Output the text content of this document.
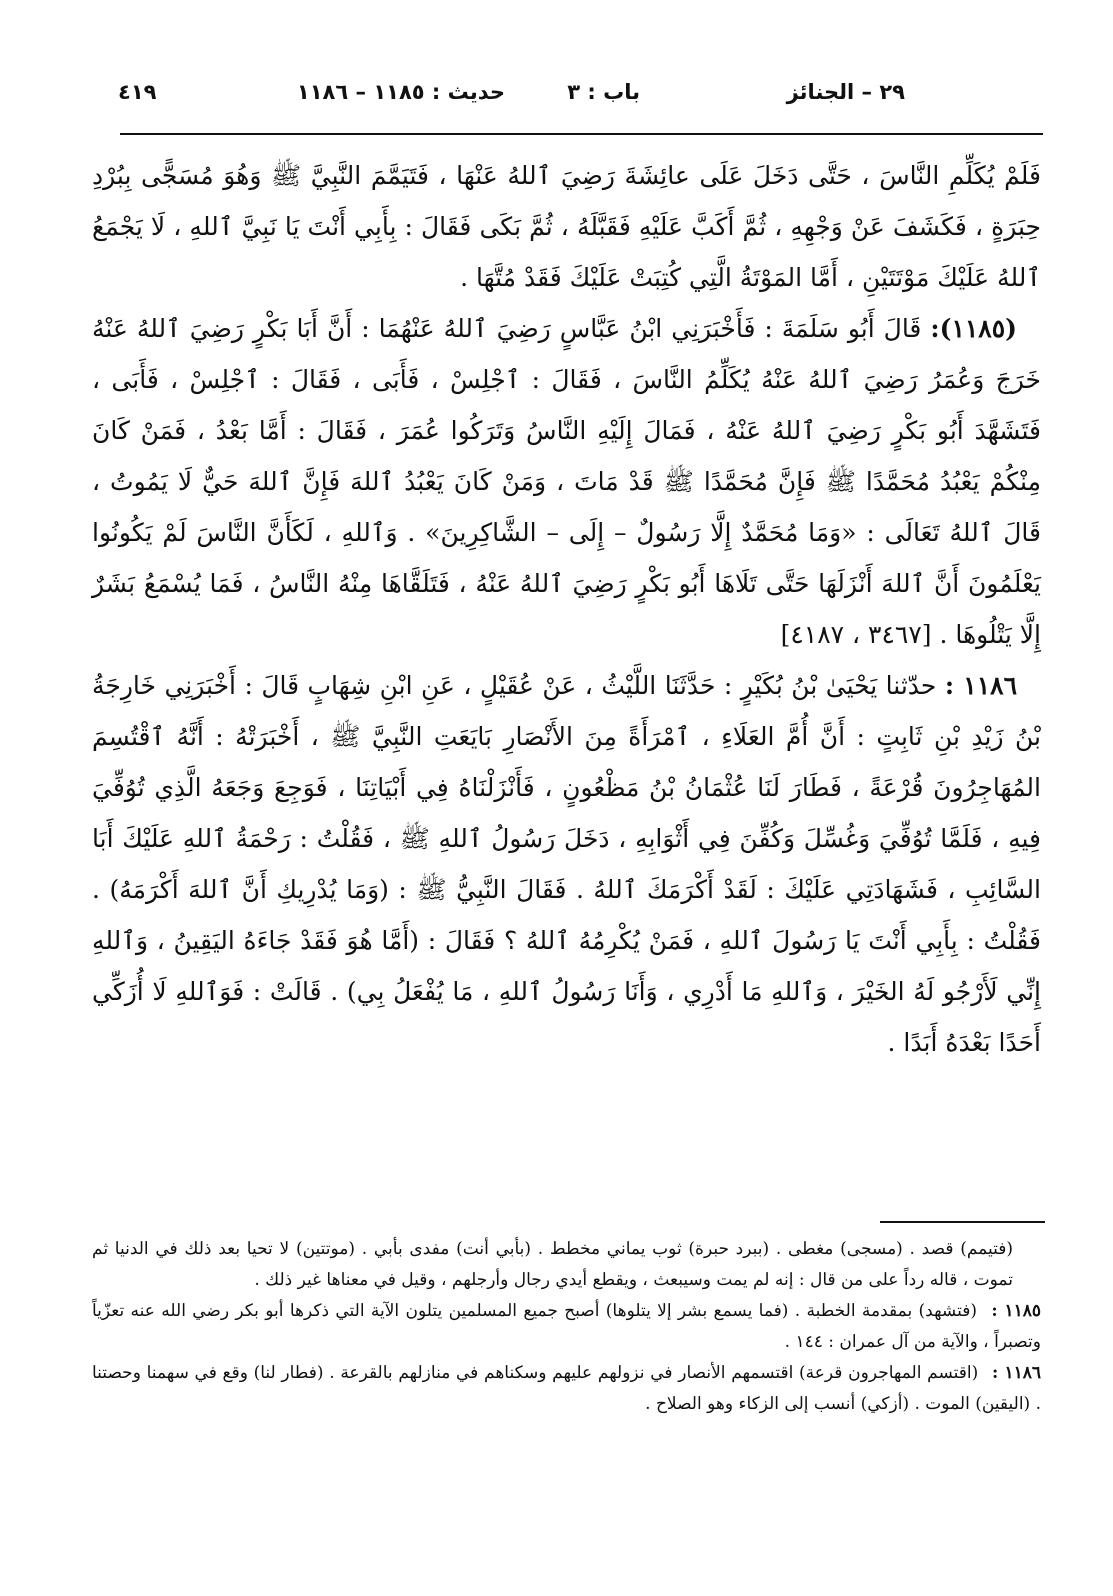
٢٩ – الجنائز
باب : ٣
حديث : ١١٨٥ – ١١٨٦
٤١٩

فَلَمْ يُكَلِّمِ النَّاسَ ، حَتَّى دَخَلَ عَلَى عائِشَةَ رَضِيَ ٱللهُ عَنْهَا ، فَتَيَمَّمَ النَّبِيَّ ﷺ وَهُوَ مُسَجًّى بِبُرْدِ حِبَرَةٍ ، فَكَشَفَ عَنْ وَجْهِهِ ، ثُمَّ أَكَبَّ عَلَيْهِ فَقَبَّلَهُ ، ثُمَّ بَكَى فَقَالَ : بِأَبِي أَنْتَ يَا نَبِيَّ ٱللهِ ، لَا يَجْمَعُ ٱللهُ عَلَيْكَ مَوْتَتَيْنِ ، أَمَّا المَوْتَةُ الَّتِي كُتِبَتْ عَلَيْكَ فَقَدْ مُتَّهَا .

(١١٨٥): قَالَ أَبُو سَلَمَةَ : فَأَخْبَرَنِي ابْنُ عَبَّاسٍ رَضِيَ ٱللهُ عَنْهُمَا : أَنَّ أَبَا بَكْرٍ رَضِيَ ٱللهُ عَنْهُ خَرَجَ وَعُمَرُ رَضِيَ ٱللهُ عَنْهُ يُكَلِّمُ النَّاسَ ، فَقَالَ : ٱجْلِسْ ، فَأَبَى ، فَقَالَ : ٱجْلِسْ ، فَأَبَى ، فَتَشَهَّدَ أَبُو بَكْرٍ رَضِيَ ٱللهُ عَنْهُ ، فَمَالَ إِلَيْهِ النَّاسُ وَتَرَكُوا عُمَرَ ، فَقَالَ : أَمَّا بَعْدُ ، فَمَنْ كَانَ مِنْكُمْ يَعْبُدُ مُحَمَّدًا ﷺ فَإِنَّ مُحَمَّدًا ﷺ قَدْ مَاتَ ، وَمَنْ كَانَ يَعْبُدُ ٱللهَ فَإِنَّ ٱللهَ حَيٌّ لَا يَمُوتُ ، قَالَ ٱللهُ تَعَالَى : «وَمَا مُحَمَّدٌ إِلَّا رَسُولٌ – إِلَى – الشَّاكِرِينَ» . وَٱللهِ ، لَكَأَنَّ النَّاسَ لَمْ يَكُونُوا يَعْلَمُونَ أَنَّ ٱللهَ أَنْزَلَهَا حَتَّى تَلَاهَا أَبُو بَكْرٍ رَضِيَ ٱللهُ عَنْهُ ، فَتَلَقَّاهَا مِنْهُ النَّاسُ ، فَمَا يُسْمَعُ بَشَرٌ إِلَّا يَتْلُوهَا . [٣٤٦٧ ، ٤١٨٧]

١١٨٦ : حدّثنا يَحْيَىٰ بْنُ بُكَيْرٍ : حَدَّثَنَا اللَّيْثُ ، عَنْ عُقَيْلٍ ، عَنِ ابْنِ شِهَابٍ قَالَ : أَخْبَرَنِي خَارِجَةُ بْنُ زَيْدِ بْنِ ثَابِتٍ : أَنَّ أُمَّ العَلَاءِ ، ٱمْرَأَةً مِنَ الأَنْصَارِ بَايَعَتِ النَّبِيَّ ﷺ ، أَخْبَرَتْهُ : أَنَّهُ ٱقْتُسِمَ المُهَاجِرُونَ قُرْعَةً ، فَطَارَ لَنَا عُثْمَانُ بْنُ مَظْعُونٍ ، فَأَنْزَلْنَاهُ فِي أَبْيَاتِنَا ، فَوَجِعَ وَجَعَهُ الَّذِي تُوُفِّيَ فِيهِ ، فَلَمَّا تُوُفِّيَ وَغُسِّلَ وَكُفِّنَ فِي أَثْوَابِهِ ، دَخَلَ رَسُولُ ٱللهِ ﷺ ، فَقُلْتُ : رَحْمَةُ ٱللهِ عَلَيْكَ أَبَا السَّائِبِ ، فَشَهَادَتِي عَلَيْكَ : لَقَدْ أَكْرَمَكَ ٱللهُ . فَقَالَ النَّبِيُّ ﷺ : (وَمَا يُدْرِيكِ أَنَّ ٱللهَ أَكْرَمَهُ) . فَقُلْتُ : بِأَبِي أَنْتَ يَا رَسُولَ ٱللهِ ، فَمَنْ يُكْرِمُهُ ٱللهُ ؟ فَقَالَ : (أَمَّا هُوَ فَقَدْ جَاءَهُ اليَقِينُ ، وَٱللهِ إِنِّي لَأَرْجُو لَهُ الخَيْرَ ، وَٱللهِ مَا أَدْرِي ، وَأَنَا رَسُولُ ٱللهِ ، مَا يُفْعَلُ بِي) . قَالَتْ : فَوَٱللهِ لَا أُزَكِّي أَحَدًا بَعْدَهُ أَبَدًا .

(فتيمم) قصد . (مسجى) مغطى . (ببرد حبرة) ثوب يماني مخطط . (بأبي أنت) مفدى بأبي . (موتتين) لا تحيا بعد ذلك في الدنيا ثم تموت ، قاله رداً على من قال : إنه لم يمت وسيبعث ، ويقطع أيدي رجال وأرجلهم ، وقيل في معناها غير ذلك .

١١٨٥ : (فتشهد) بمقدمة الخطبة . (فما يسمع بشر إلا يتلوها) أصبح جميع المسلمين يتلون الآية التي ذكرها أبو بكر رضي الله عنه تعزّياً وتصبراً ، والآية من آل عمران : ١٤٤ .

١١٨٦ : (اقتسم المهاجرون قرعة) اقتسمهم الأنصار في نزولهم عليهم وسكناهم في منازلهم بالقرعة . (فطار لنا) وقع في سهمنا وحصتنا . (اليقين) الموت . (أزكي) أنسب إلى الزكاء وهو الصلاح .
